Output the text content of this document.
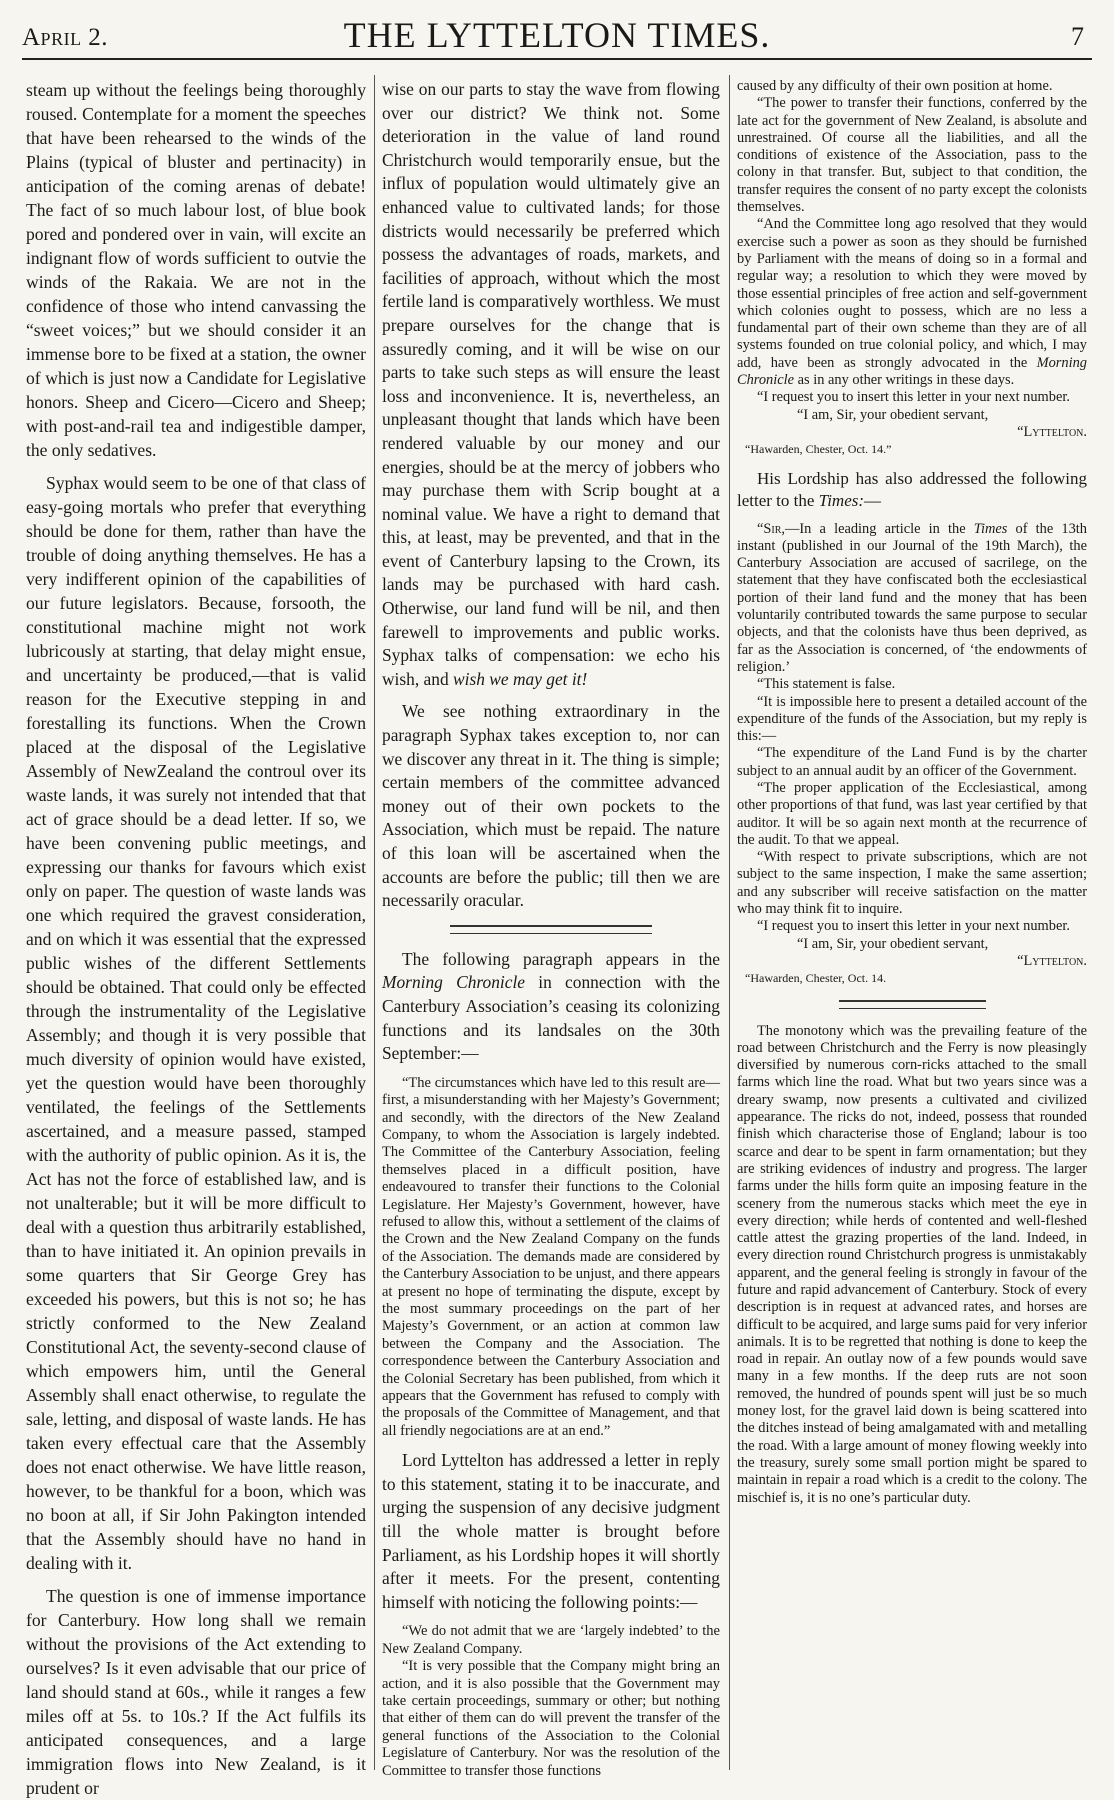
April 2.	THE LYTTELTON TIMES.	7

steam up without the feelings being thoroughly roused. Contemplate for a moment the speeches that have been rehearsed to the winds of the Plains (typical of bluster and pertinacity) in anticipation of the coming arenas of debate! The fact of so much labour lost, of blue book pored and pondered over in vain, will excite an indignant flow of words sufficient to outvie the winds of the Rakaia. We are not in the confidence of those who intend canvassing the “sweet voices;” but we should consider it an immense bore to be fixed at a station, the owner of which is just now a Candidate for Legislative honors. Sheep and Cicero—Cicero and Sheep; with post-and-rail tea and indigestible damper, the only sedatives.

Syphax would seem to be one of that class of easy-going mortals who prefer that everything should be done for them, rather than have the trouble of doing anything themselves. He has a very indifferent opinion of the capabilities of our future legislators. Because, forsooth, the constitutional machine might not work lubricously at starting, that delay might ensue, and uncertainty be produced,—that is valid reason for the Executive stepping in and forestalling its functions. When the Crown placed at the disposal of the Legislative Assembly of NewZealand the controul over its waste lands, it was surely not intended that that act of grace should be a dead letter. If so, we have been convening public meetings, and expressing our thanks for favours which exist only on paper. The question of waste lands was one which required the gravest consideration, and on which it was essential that the expressed public wishes of the different Settlements should be obtained. That could only be effected through the instrumentality of the Legislative Assembly; and though it is very possible that much diversity of opinion would have existed, yet the question would have been thoroughly ventilated, the feelings of the Settlements ascertained, and a measure passed, stamped with the authority of public opinion. As it is, the Act has not the force of established law, and is not unalterable; but it will be more difficult to deal with a question thus arbitrarily established, than to have initiated it. An opinion prevails in some quarters that Sir George Grey has exceeded his powers, but this is not so; he has strictly conformed to the New Zealand Constitutional Act, the seventy-second clause of which empowers him, until the General Assembly shall enact otherwise, to regulate the sale, letting, and disposal of waste lands. He has taken every effectual care that the Assembly does not enact otherwise. We have little reason, however, to be thankful for a boon, which was no boon at all, if Sir John Pakington intended that the Assembly should have no hand in dealing with it.

The question is one of immense importance for Canterbury. How long shall we remain without the provisions of the Act extending to ourselves? Is it even advisable that our price of land should stand at 60s., while it ranges a few miles off at 5s. to 10s.? If the Act fulfils its anticipated consequences, and a large immigration flows into New Zealand, is it prudent or

wise on our parts to stay the wave from flowing over our district? We think not. Some deterioration in the value of land round Christchurch would temporarily ensue, but the influx of population would ultimately give an enhanced value to cultivated lands; for those districts would necessarily be preferred which possess the advantages of roads, markets, and facilities of approach, without which the most fertile land is comparatively worthless. We must prepare ourselves for the change that is assuredly coming, and it will be wise on our parts to take such steps as will ensure the least loss and inconvenience. It is, nevertheless, an unpleasant thought that lands which have been rendered valuable by our money and our energies, should be at the mercy of jobbers who may purchase them with Scrip bought at a nominal value. We have a right to demand that this, at least, may be prevented, and that in the event of Canterbury lapsing to the Crown, its lands may be purchased with hard cash. Otherwise, our land fund will be nil, and then farewell to improvements and public works. Syphax talks of compensation: we echo his wish, and wish we may get it!

We see nothing extraordinary in the paragraph Syphax takes exception to, nor can we discover any threat in it. The thing is simple; certain members of the committee advanced money out of their own pockets to the Association, which must be repaid. The nature of this loan will be ascertained when the accounts are before the public; till then we are necessarily oracular.

The following paragraph appears in the Morning Chronicle in connection with the Canterbury Association’s ceasing its colonizing functions and its landsales on the 30th September:—

“The circumstances which have led to this result are—first, a misunderstanding with her Majesty’s Government; and secondly, with the directors of the New Zealand Company, to whom the Association is largely indebted. The Committee of the Canterbury Association, feeling themselves placed in a difficult position, have endeavoured to transfer their functions to the Colonial Legislature. Her Majesty’s Government, however, have refused to allow this, without a settlement of the claims of the Crown and the New Zealand Company on the funds of the Association. The demands made are considered by the Canterbury Association to be unjust, and there appears at present no hope of terminating the dispute, except by the most summary proceedings on the part of her Majesty’s Government, or an action at common law between the Company and the Association. The correspondence between the Canterbury Association and the Colonial Secretary has been published, from which it appears that the Government has refused to comply with the proposals of the Committee of Management, and that all friendly negociations are at an end.”

Lord Lyttelton has addressed a letter in reply to this statement, stating it to be inaccurate, and urging the suspension of any decisive judgment till the whole matter is brought before Parliament, as his Lordship hopes it will shortly after it meets. For the present, contenting himself with noticing the following points:—

“We do not admit that we are ‘largely indebted’ to the New Zealand Company.

“It is very possible that the Company might bring an action, and it is also possible that the Government may take certain proceedings, summary or other; but nothing that either of them can do will prevent the transfer of the general functions of the Association to the Colonial Legislature of Canterbury. Nor was the resolution of the Committee to transfer those functions

caused by any difficulty of their own position at home.

“The power to transfer their functions, conferred by the late act for the government of New Zealand, is absolute and unrestrained. Of course all the liabilities, and all the conditions of existence of the Association, pass to the colony in that transfer. But, subject to that condition, the transfer requires the consent of no party except the colonists themselves.

“And the Committee long ago resolved that they would exercise such a power as soon as they should be furnished by Parliament with the means of doing so in a formal and regular way; a resolution to which they were moved by those essential principles of free action and self-government which colonies ought to possess, which are no less a fundamental part of their own scheme than they are of all systems founded on true colonial policy, and which, I may add, have been as strongly advocated in the Morning Chronicle as in any other writings in these days.

“I request you to insert this letter in your next number.

“I am, Sir, your obedient servant,

“Lyttelton.

“Hawarden, Chester, Oct. 14.”

His Lordship has also addressed the following letter to the Times:—

“Sir,—In a leading article in the Times of the 13th instant (published in our Journal of the 19th March), the Canterbury Association are accused of sacrilege, on the statement that they have confiscated both the ecclesiastical portion of their land fund and the money that has been voluntarily contributed towards the same purpose to secular objects, and that the colonists have thus been deprived, as far as the Association is concerned, of ‘the endowments of religion.’

“This statement is false.

“It is impossible here to present a detailed account of the expenditure of the funds of the Association, but my reply is this:—

“The expenditure of the Land Fund is by the charter subject to an annual audit by an officer of the Government.

“The proper application of the Ecclesiastical, among other proportions of that fund, was last year certified by that auditor. It will be so again next month at the recurrence of the audit. To that we appeal.

“With respect to private subscriptions, which are not subject to the same inspection, I make the same assertion; and any subscriber will receive satisfaction on the matter who may think fit to inquire.

“I request you to insert this letter in your next number.

“I am, Sir, your obedient servant,

“Lyttelton.

“Hawarden, Chester, Oct. 14.

The monotony which was the prevailing feature of the road between Christchurch and the Ferry is now pleasingly diversified by numerous corn-ricks attached to the small farms which line the road. What but two years since was a dreary swamp, now presents a cultivated and civilized appearance. The ricks do not, indeed, possess that rounded finish which characterise those of England; labour is too scarce and dear to be spent in farm ornamentation; but they are striking evidences of industry and progress. The larger farms under the hills form quite an imposing feature in the scenery from the numerous stacks which meet the eye in every direction; while herds of contented and well-fleshed cattle attest the grazing properties of the land. Indeed, in every direction round Christchurch progress is unmistakably apparent, and the general feeling is strongly in favour of the future and rapid advancement of Canterbury. Stock of every description is in request at advanced rates, and horses are difficult to be acquired, and large sums paid for very inferior animals. It is to be regretted that nothing is done to keep the road in repair. An outlay now of a few pounds would save many in a few months. If the deep ruts are not soon removed, the hundred of pounds spent will just be so much money lost, for the gravel laid down is being scattered into the ditches instead of being amalgamated with and metalling the road. With a large amount of money flowing weekly into the treasury, surely some small portion might be spared to maintain in repair a road which is a credit to the colony. The mischief is, it is no one’s particular duty.
